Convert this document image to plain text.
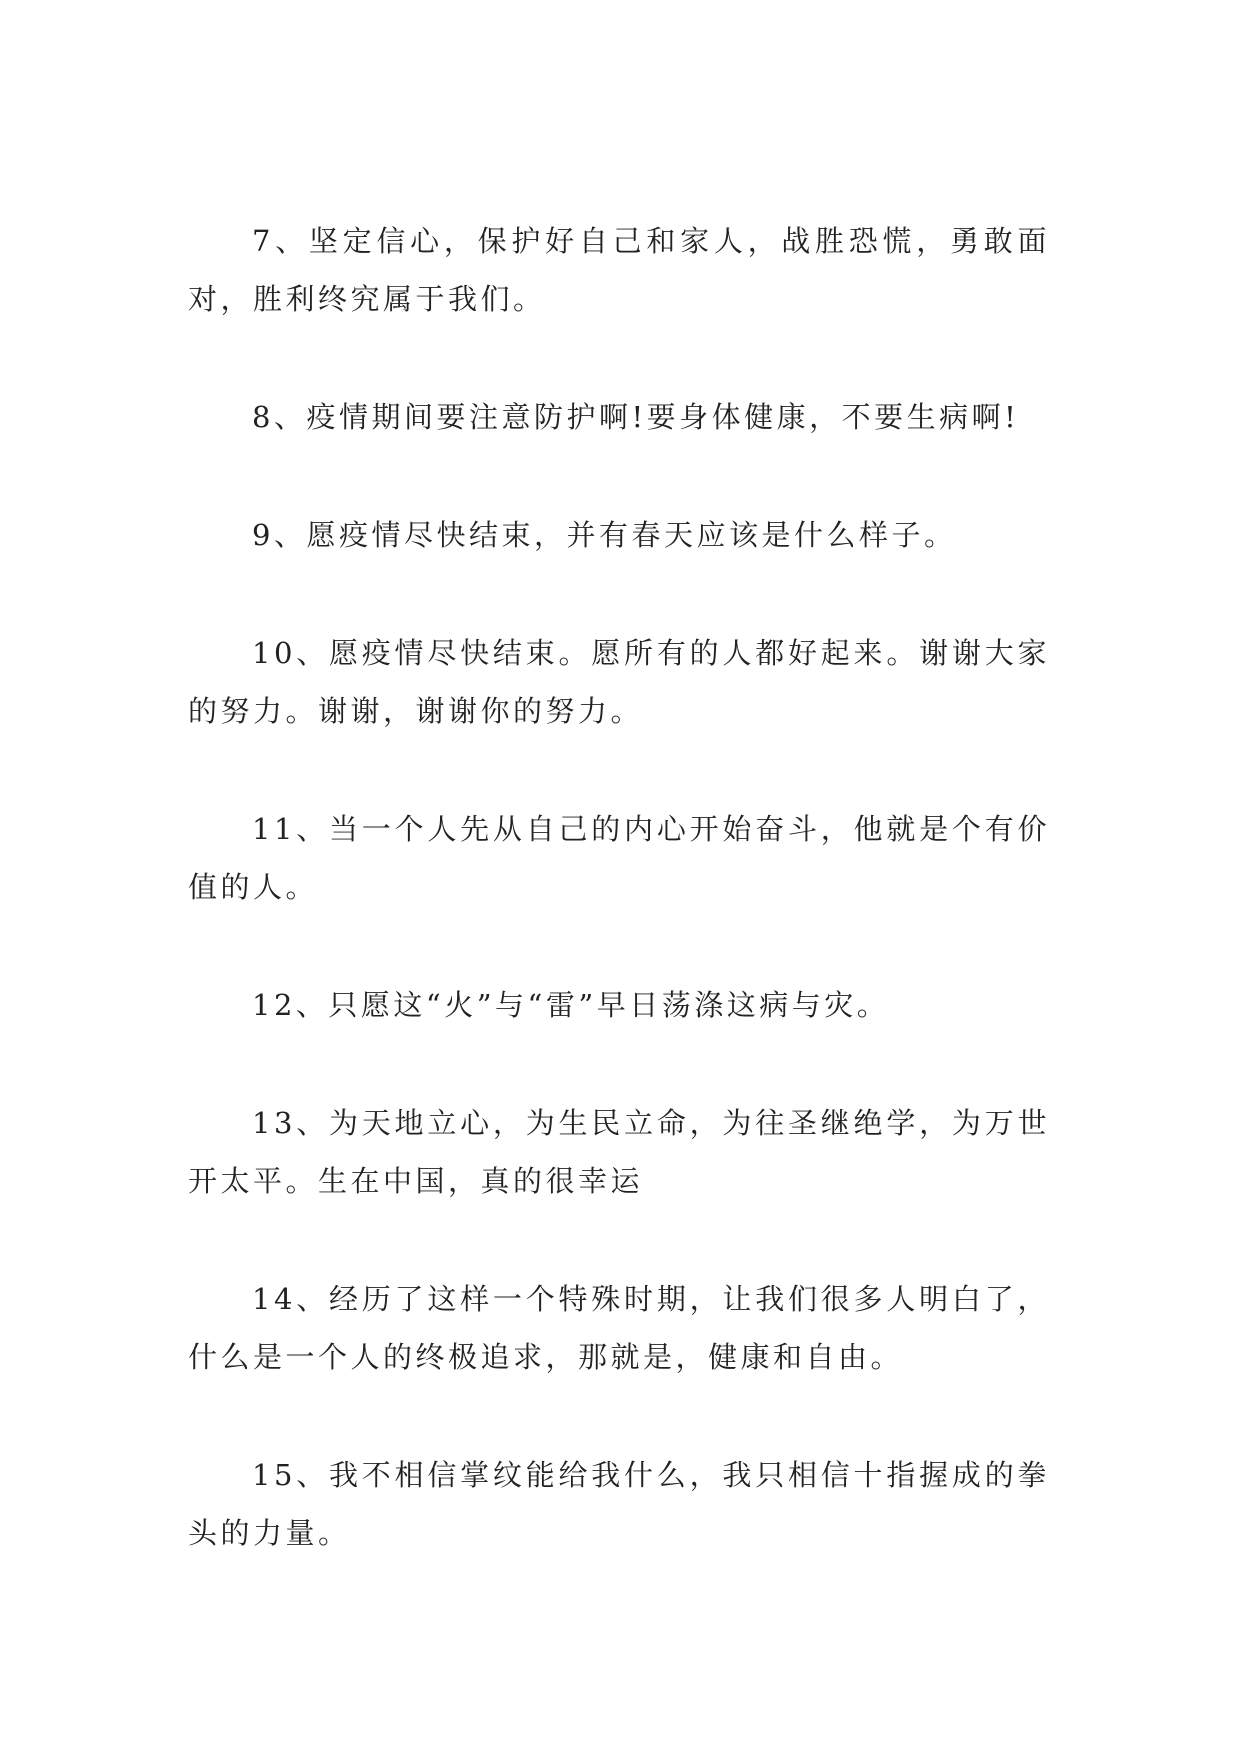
7、坚定信心，保护好自己和家人，战胜恐慌，勇敢面对，胜利终究属于我们。

8、疫情期间要注意防护啊!要身体健康，不要生病啊!

9、愿疫情尽快结束，并有春天应该是什么样子。

10、愿疫情尽快结束。愿所有的人都好起来。谢谢大家的努力。谢谢，谢谢你的努力。

11、当一个人先从自己的内心开始奋斗，他就是个有价值的人。

12、只愿这“火”与“雷”早日荡涤这病与灾。

13、为天地立心，为生民立命，为往圣继绝学，为万世开太平。生在中国，真的很幸运

14、经历了这样一个特殊时期，让我们很多人明白了，什么是一个人的终极追求，那就是，健康和自由。

15、我不相信掌纹能给我什么，我只相信十指握成的拳头的力量。
